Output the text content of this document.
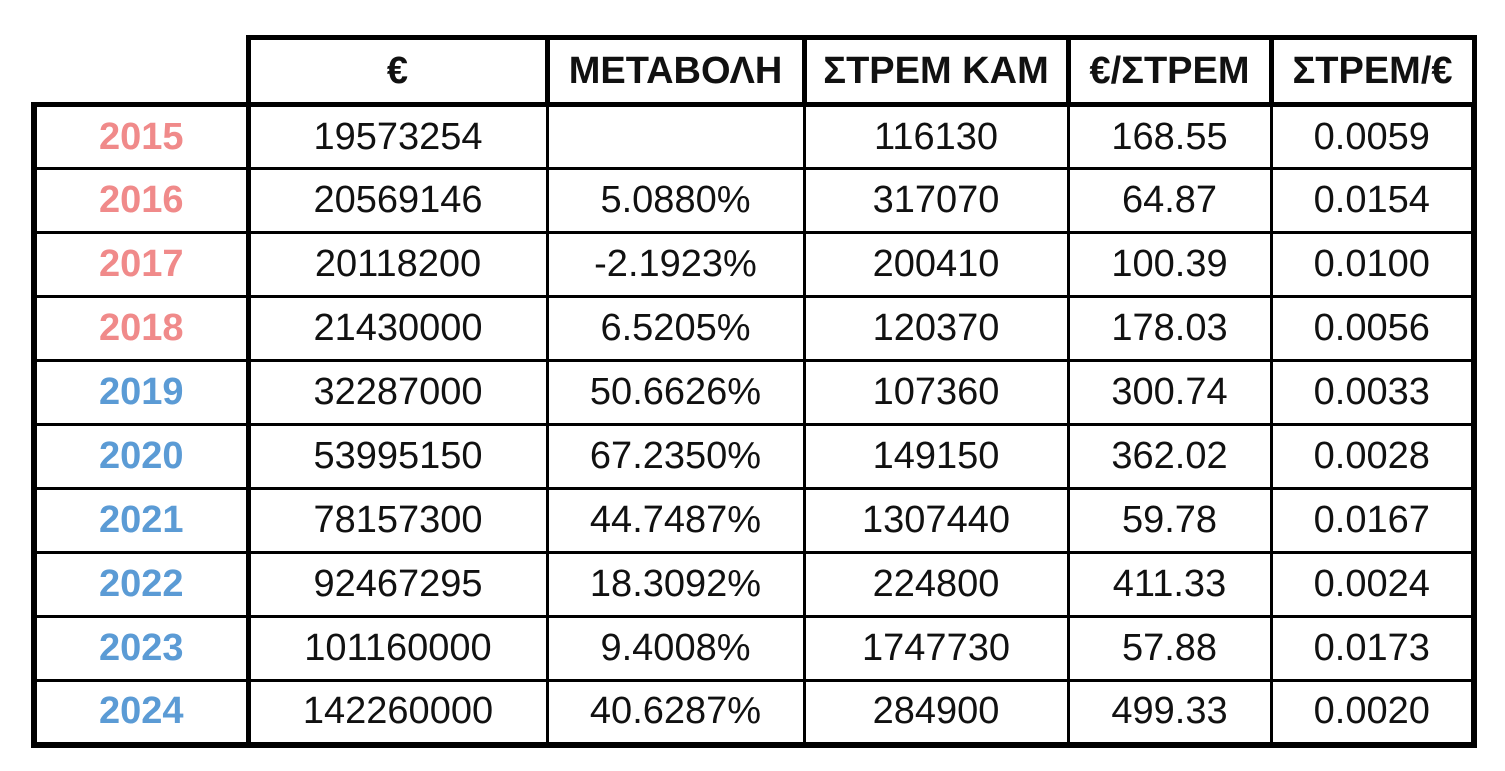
	€	ΜΕΤΑΒΟΛΗ	ΣΤΡΕΜ ΚΑΜ	€/ΣΤΡΕΜ	ΣΤΡΕΜ/€
2015	19573254		116130	168.55	0.0059
2016	20569146	5.0880%	317070	64.87	0.0154
2017	20118200	-2.1923%	200410	100.39	0.0100
2018	21430000	6.5205%	120370	178.03	0.0056
2019	32287000	50.6626%	107360	300.74	0.0033
2020	53995150	67.2350%	149150	362.02	0.0028
2021	78157300	44.7487%	1307440	59.78	0.0167
2022	92467295	18.3092%	224800	411.33	0.0024
2023	101160000	9.4008%	1747730	57.88	0.0173
2024	142260000	40.6287%	284900	499.33	0.0020
